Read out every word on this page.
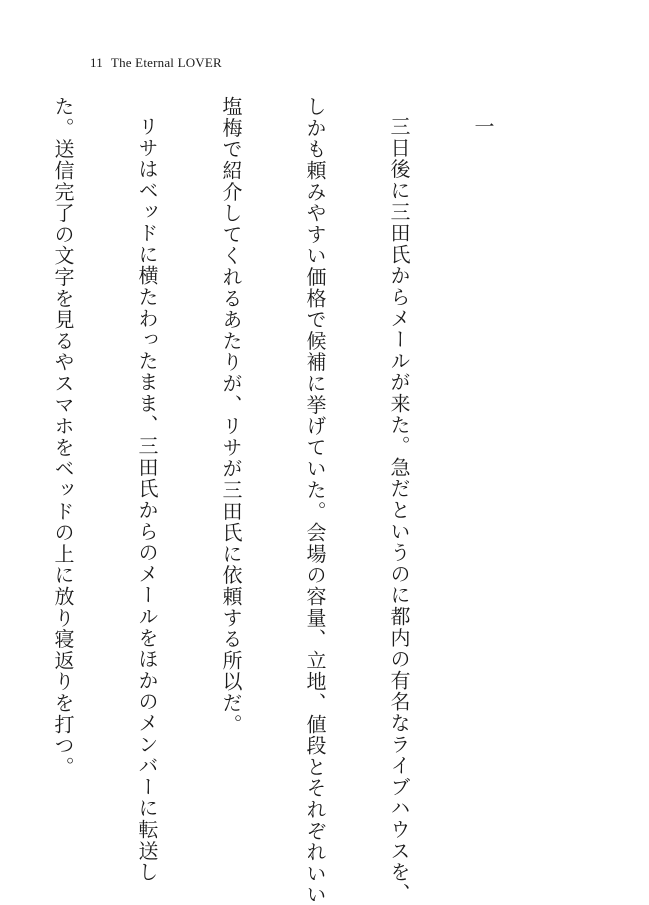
11 The Eternal LOVER

一

三日後に三田氏からメールが来た。急だというのに都内の有名なライブハウスを、

しかも頼みやすい価格で候補に挙げていた。会場の容量、立地、値段とそれぞれいい

塩梅で紹介してくれるあたりが、リサが三田氏に依頼する所以だ。

リサはベッドに横たわったまま、三田氏からのメールをほかのメンバーに転送し

た。送信完了の文字を見るやスマホをベッドの上に放り寝返りを打つ。
